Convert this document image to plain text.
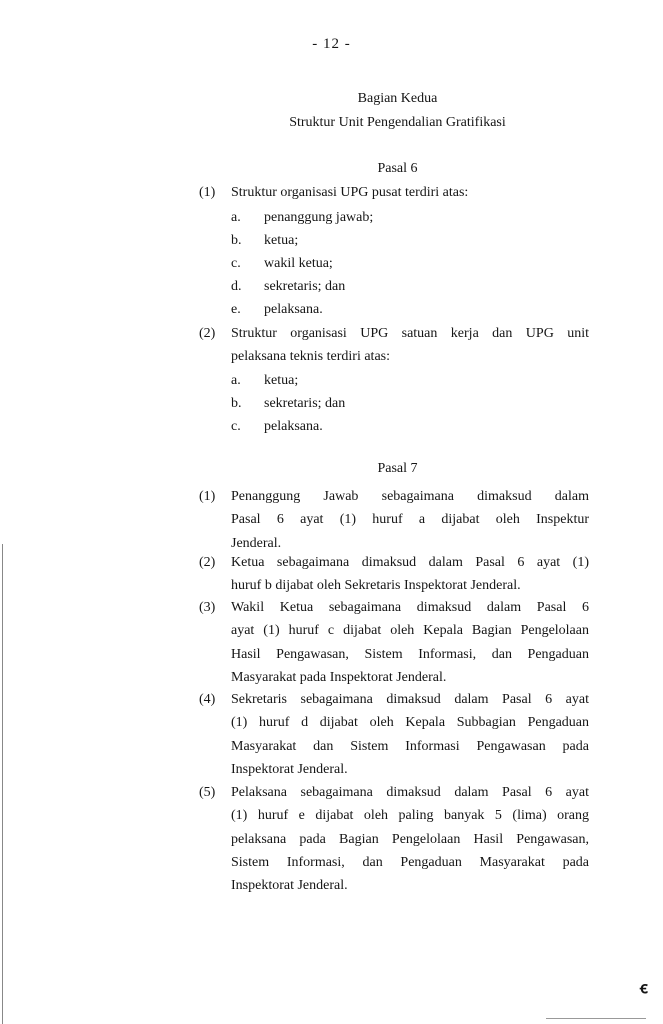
- 12 -
Bagian Kedua
Struktur Unit Pengendalian Gratifikasi
Pasal 6
(1) Struktur organisasi UPG pusat terdiri atas:
a. penanggung jawab;
b. ketua;
c. wakil ketua;
d. sekretaris; dan
e. pelaksana.
(2) Struktur organisasi UPG satuan kerja dan UPG unit
pelaksana teknis terdiri atas:
a. ketua;
b. sekretaris; dan
c. pelaksana.
Pasal 7
(1) Penanggung Jawab sebagaimana dimaksud dalam
Pasal 6 ayat (1) huruf a dijabat oleh Inspektur
Jenderal.
(2) Ketua sebagaimana dimaksud dalam Pasal 6 ayat (1)
huruf b dijabat oleh Sekretaris Inspektorat Jenderal.
(3) Wakil Ketua sebagaimana dimaksud dalam Pasal 6
ayat (1) huruf c dijabat oleh Kepala Bagian Pengelolaan
Hasil Pengawasan, Sistem Informasi, dan Pengaduan
Masyarakat pada Inspektorat Jenderal.
(4) Sekretaris sebagaimana dimaksud dalam Pasal 6 ayat
(1) huruf d dijabat oleh Kepala Subbagian Pengaduan
Masyarakat dan Sistem Informasi Pengawasan pada
Inspektorat Jenderal.
(5) Pelaksana sebagaimana dimaksud dalam Pasal 6 ayat
(1) huruf e dijabat oleh paling banyak 5 (lima) orang
pelaksana pada Bagian Pengelolaan Hasil Pengawasan,
Sistem Informasi, dan Pengaduan Masyarakat pada
Inspektorat Jenderal.
ꞓ
